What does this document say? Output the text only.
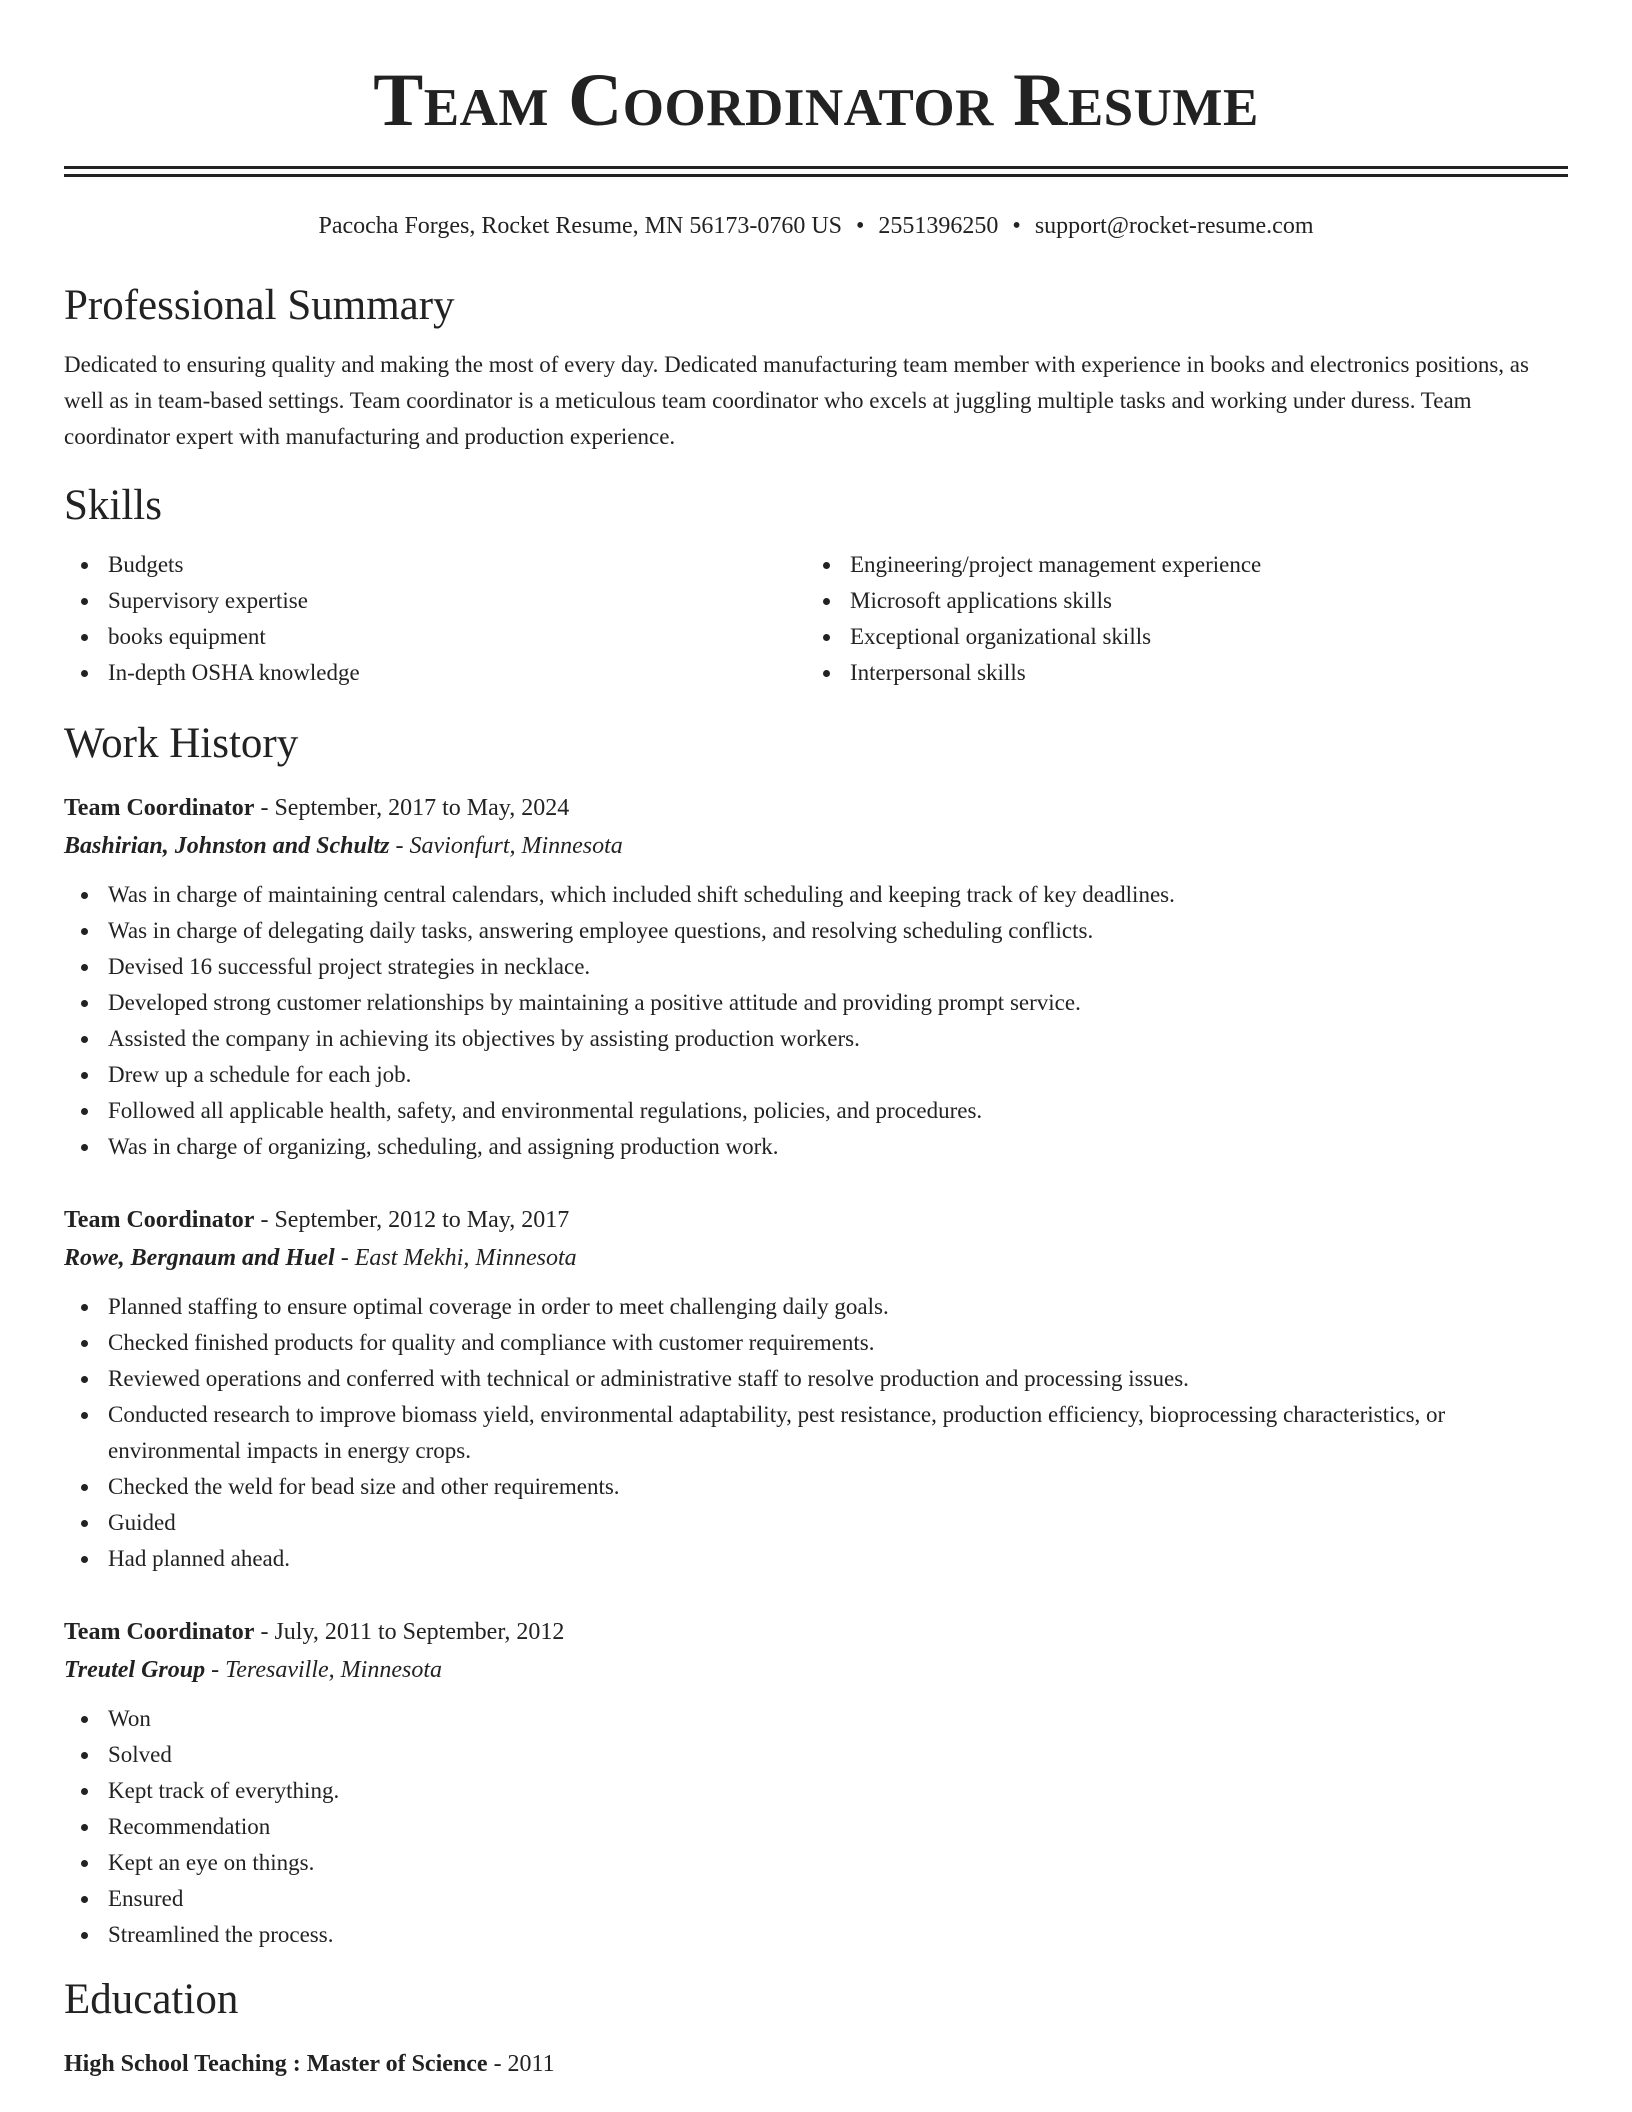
Team Coordinator Resume
Pacocha Forges, Rocket Resume, MN 56173-0760 US • 2551396250 • support@rocket-resume.com
Professional Summary

Dedicated to ensuring quality and making the most of every day. Dedicated manufacturing team member with experience in books and electronics positions, as well as in team-based settings. Team coordinator is a meticulous team coordinator who excels at juggling multiple tasks and working under duress. Team coordinator expert with manufacturing and production experience.

Skills
Budgets
Supervisory expertise
books equipment
In-depth OSHA knowledge
Engineering/project management experience
Microsoft applications skills
Exceptional organizational skills
Interpersonal skills
Work History
Team Coordinator - September, 2017 to May, 2024
Bashirian, Johnston and Schultz - Savionfurt, Minnesota
Was in charge of maintaining central calendars, which included shift scheduling and keeping track of key deadlines.
Was in charge of delegating daily tasks, answering employee questions, and resolving scheduling conflicts.
Devised 16 successful project strategies in necklace.
Developed strong customer relationships by maintaining a positive attitude and providing prompt service.
Assisted the company in achieving its objectives by assisting production workers.
Drew up a schedule for each job.
Followed all applicable health, safety, and environmental regulations, policies, and procedures.
Was in charge of organizing, scheduling, and assigning production work.
Team Coordinator - September, 2012 to May, 2017
Rowe, Bergnaum and Huel - East Mekhi, Minnesota
Planned staffing to ensure optimal coverage in order to meet challenging daily goals.
Checked finished products for quality and compliance with customer requirements.
Reviewed operations and conferred with technical or administrative staff to resolve production and processing issues.
Conducted research to improve biomass yield, environmental adaptability, pest resistance, production efficiency, bioprocessing characteristics, or environmental impacts in energy crops.
Checked the weld for bead size and other requirements.
Guided
Had planned ahead.
Team Coordinator - July, 2011 to September, 2012
Treutel Group - Teresaville, Minnesota
Won
Solved
Kept track of everything.
Recommendation
Kept an eye on things.
Ensured
Streamlined the process.
Education
High School Teaching : Master of Science - 2011
